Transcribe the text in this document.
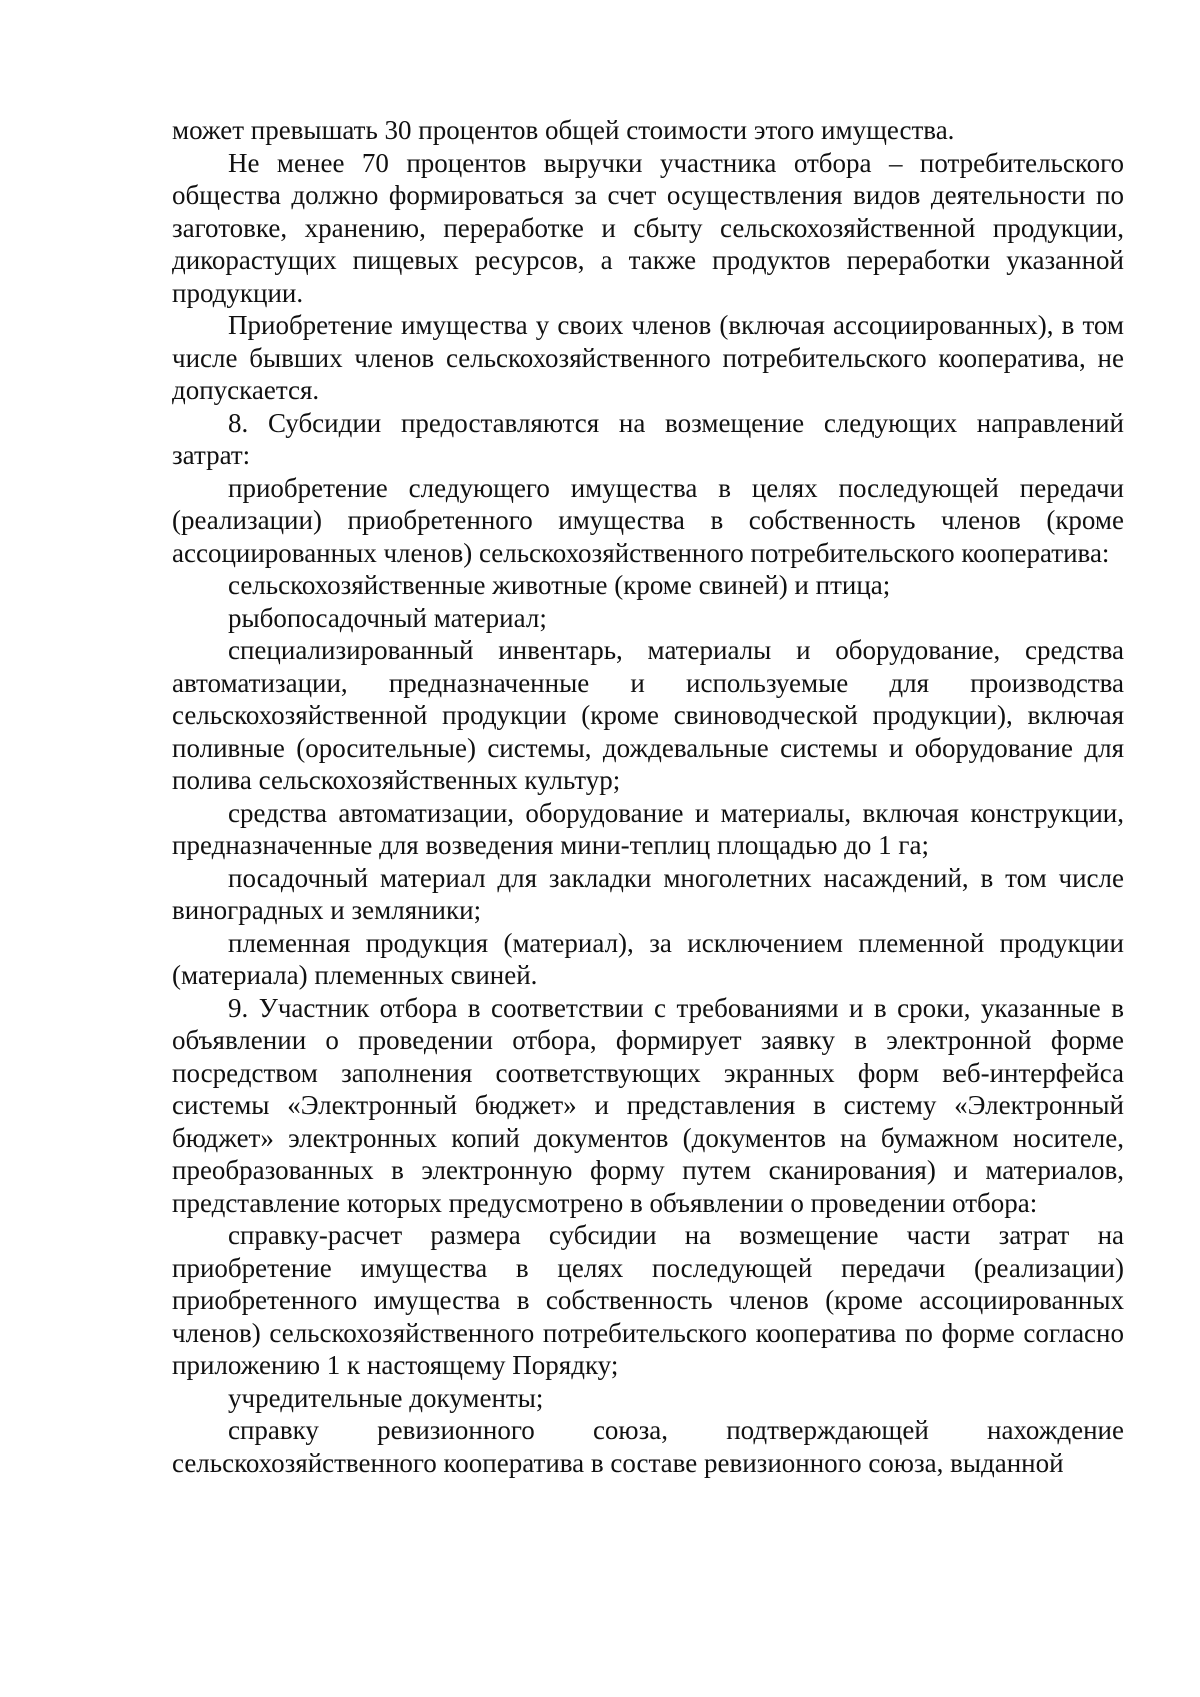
может превышать 30 процентов общей стоимости этого имущества.

Не менее 70 процентов выручки участника отбора – потребительского общества должно формироваться за счет осуществления видов деятельности по заготовке, хранению, переработке и сбыту сельскохозяйственной продукции, дикорастущих пищевых ресурсов, а также продуктов переработки указанной продукции.

Приобретение имущества у своих членов (включая ассоциированных), в том числе бывших членов сельскохозяйственного потребительского кооператива, не допускается.

8. Субсидии предоставляются на возмещение следующих направлений затрат:

приобретение следующего имущества в целях последующей передачи (реализации) приобретенного имущества в собственность членов (кроме ассоциированных членов) сельскохозяйственного потребительского кооператива:

сельскохозяйственные животные (кроме свиней) и птица;

рыбопосадочный материал;

специализированный инвентарь, материалы и оборудование, средства автоматизации, предназначенные и используемые для производства сельскохозяйственной продукции (кроме свиноводческой продукции), включая поливные (оросительные) системы, дождевальные системы и оборудование для полива сельскохозяйственных культур;

средства автоматизации, оборудование и материалы, включая конструкции, предназначенные для возведения мини-теплиц площадью до 1 га;

посадочный материал для закладки многолетних насаждений, в том числе виноградных и земляники;

племенная продукция (материал), за исключением племенной продукции (материала) племенных свиней.

9. Участник отбора в соответствии с требованиями и в сроки, указанные в объявлении о проведении отбора, формирует заявку в электронной форме посредством заполнения соответствующих экранных форм веб-интерфейса системы «Электронный бюджет» и представления в систему «Электронный бюджет» электронных копий документов (документов на бумажном носителе, преобразованных в электронную форму путем сканирования) и материалов, представление которых предусмотрено в объявлении о проведении отбора:

справку-расчет размера субсидии на возмещение части затрат на приобретение имущества в целях последующей передачи (реализации) приобретенного имущества в собственность членов (кроме ассоциированных членов) сельскохозяйственного потребительского кооператива по форме согласно приложению 1 к настоящему Порядку;

учредительные документы;

справку ревизионного союза, подтверждающей нахождение сельскохозяйственного кооператива в составе ревизионного союза, выданной
